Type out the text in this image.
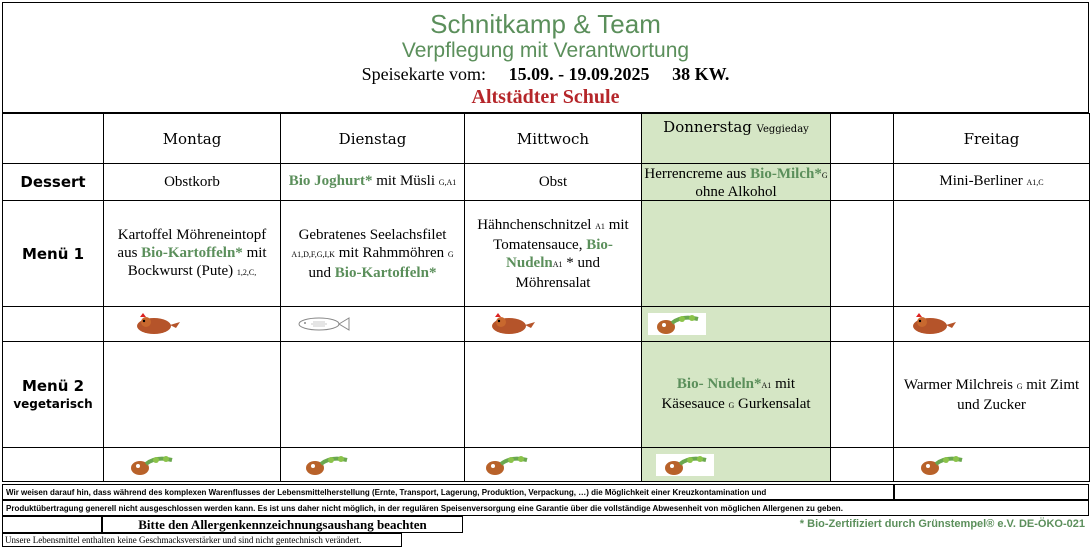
Schnitkamp & Team
Verpflegung mit Verantwortung
Speisekarte vom: 15.09. - 19.09.2025 38 KW.
Altstädter Schule
	Montag	Dienstag	Mittwoch	Donnerstag Veggieday		Freitag
Dessert	Obstkorb	Bio Joghurt* mit Müsli G,A1	Obst	Herrencreme aus Bio-Milch*G ohne Alkohol		Mini-Berliner A1,C
Menü 1	Kartoffel Möhreneintopf aus Bio-Kartoffeln* mit Bockwurst (Pute) 1,2,C,	Gebratenes Seelachsfilet A1,D,F,G,I,K mit Rahmmöhren G und Bio-Kartoffeln*	Hähnchenschnitzel A1 mit Tomatensauce, Bio-NudelnA1 * und Möhrensalat			

Menü 2
vegetarisch				Bio- Nudeln*A1 mit Käsesauce G Gurkensalat		Warmer Milchreis G mit Zimt und Zucker

Wir weisen darauf hin, dass während des komplexen Warenflusses der Lebensmittelherstellung (Ernte, Transport, Lagerung, Produktion, Verpackung, …) die Möglichkeit einer Kreuzkontamination und
Produktübertragung generell nicht ausgeschlossen werden kann. Es ist uns daher nicht möglich, in der regulären Speisenversorgung eine Garantie über die vollständige Abwesenheit von möglichen Allergenen zu geben.
Bitte den Allergenkennzeichnungsaushang beachten	* Bio-Zertifiziert durch Grünstempel® e.V. DE-ÖKO-021
Unsere Lebensmittel enthalten keine Geschmacksverstärker und sind nicht gentechnisch verändert.
